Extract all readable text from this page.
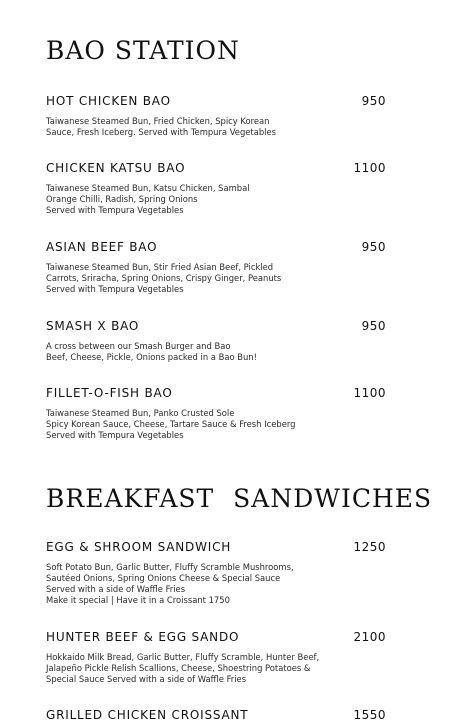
BAO STATION
HOT CHICKEN BAO	950
Taiwanese Steamed Bun, Fried Chicken, Spicy Korean
Sauce, Fresh Iceberg. Served with Tempura Vegetables
CHICKEN KATSU BAO	1100
Taiwanese Steamed Bun, Katsu Chicken, Sambal
Orange Chilli, Radish, Spring Onions
Served with Tempura Vegetables
ASIAN BEEF BAO	950
Taiwanese Steamed Bun, Stir Fried Asian Beef, Pickled
Carrots, Sriracha, Spring Onions, Crispy Ginger, Peanuts
Served with Tempura Vegetables
SMASH X BAO	950
A cross between our Smash Burger and Bao
Beef, Cheese, Pickle, Onions packed in a Bao Bun!
FILLET-O-FISH BAO	1100
Taiwanese Steamed Bun, Panko Crusted Sole
Spicy Korean Sauce, Cheese, Tartare Sauce & Fresh Iceberg
Served with Tempura Vegetables
BREAKFAST SANDWICHES
EGG & SHROOM SANDWICH	1250
Soft Potato Bun, Garlic Butter, Fluffy Scramble Mushrooms,
Sautéed Onions, Spring Onions Cheese & Special Sauce
Served with a side of Waffle Fries
Make it special | Have it in a Croissant 1750
HUNTER BEEF & EGG SANDO	2100
Hokkaido Milk Bread, Garlic Butter, Fluffy Scramble, Hunter Beef,
Jalapeño Pickle Relish Scallions, Cheese, Shoestring Potatoes &
Special Sauce Served with a side of Waffle Fries
GRILLED CHICKEN CROISSANT	1550
